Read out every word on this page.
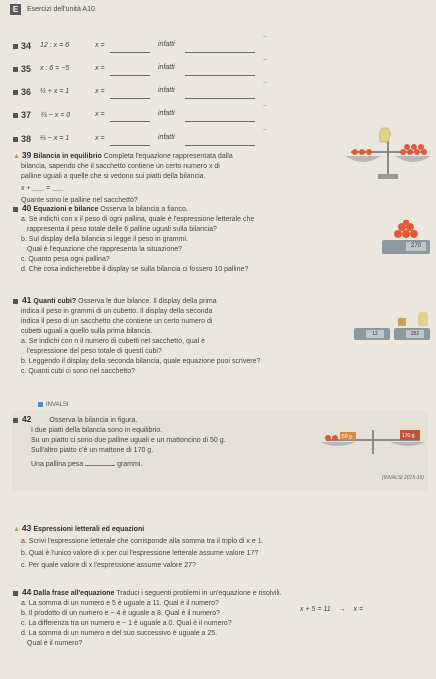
E	Esercizi dell'unità A10
34 12 : x = 6	x =	infatti
→
35 x : 6 = −5	x =	infatti
→
36 ½ + x = 1	x =	infatti
→
37 ⅖ − x = 0	x =	infatti
→
38 ⅔ − x = 1	x =	infatti
→
▲ 39 Bilancia in equilibrio Completa l'equazione rappresentata dalla
bilancia, sapendo che il sacchetto contiene un certo numero x di
palline uguali a quelle che si vedono sui piatti della bilancia.
x + ___ = ___
Quante sono le palline nel sacchetto?
40 Equazioni e bilance Osserva la bilancia a fianco.
a. Se indichi con x il peso di ogni pallina, quale è l'espressione letterale che
rappresenta il peso totale delle 6 palline uguali sulla bilancia?
b. Sul display della bilancia si legge il peso in grammi.
Qual è l'equazione che rappresenta la situazione?
c. Quanto pesa ogni pallina?
d. Che cosa indicherebbe il display se sulla bilancia ci fossero 10 palline?
270
41 Quanti cubi? Osserva le due bilance. Il display della prima
indica il peso in grammi di un cubetto. Il display della seconda
indica il peso di un sacchetto che contiene un certo numero di
cubetti uguali a quello sulla prima bilancia.
a. Se indichi con n il numero di cubetti nel sacchetto, qual è
l'espressione del peso totale di questi cubi?
b. Leggendo il display della seconda bilancia, quale equazione puoi scrivere?
c. Quanti cubi ci sono nel sacchetto?
12	252
INVALSI
42	Osserva la bilancia in figura.
I due piatti della bilancia sono in equilibrio.
Su un piatto ci sono due palline uguali e un mattoncino di 50 g.
Sull'altro piatto c'è un mattone di 170 g.
Una pallina pesa	grammi.
50 g	170 g
(INVALSI 2015-16)
▲ 43 Espressioni letterali ed equazioni
a. Scrivi l'espressione letterale che corrisponde alla somma tra il triplo di x e 1.
b. Qual è l'unico valore di x per cui l'espressione letterale assume valore 17?
c. Per quale valore di x l'espressione assume valore 27?
44 Dalla frase all'equazione Traduci i seguenti problemi in un'equazione e risolvili.
a. La somma di un numero e 5 è uguale a 11. Qual è il numero?
b. Il prodotto di un numero e − 4 è uguale a 8. Qual è il numero?
c. La differenza tra un numero e − 1 è uguale a 0. Qual è il numero?
d. La somma di un numero e del suo successivo è uguale a 25.
Qual è il numero?
x + 5 = 11 → x =
